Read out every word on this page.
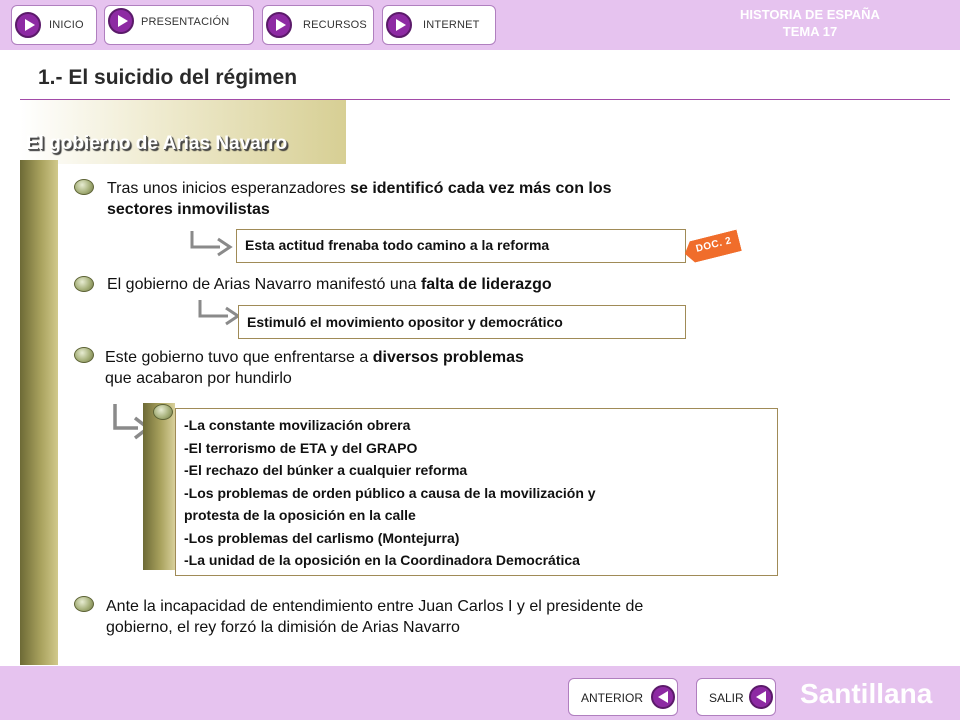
INICIO	PRESENTACIÓN	RECURSOS	INTERNET
HISTORIA DE ESPAÑA
TEMA 17
1.- El suicidio del régimen
El gobierno de Arias Navarro
Tras unos inicios esperanzadores se identificó cada vez más con los
sectores inmovilistas
Esta actitud frenaba todo camino a la reforma	DOC. 2
El gobierno de Arias Navarro manifestó una falta de liderazgo
Estimuló el movimiento opositor y democrático
Este gobierno tuvo que enfrentarse a diversos problemas
que acabaron por hundirlo
-La constante movilización obrera
-El terrorismo de ETA y del GRAPO
-El rechazo del búnker a cualquier reforma
-Los problemas de orden público a causa de la movilización y
protesta de la oposición en la calle
-Los problemas del carlismo (Montejurra)
-La unidad de la oposición en la Coordinadora Democrática
Ante la incapacidad de entendimiento entre Juan Carlos I y el presidente de
gobierno, el rey forzó la dimisión de Arias Navarro
ANTERIOR	SALIR Santillana
